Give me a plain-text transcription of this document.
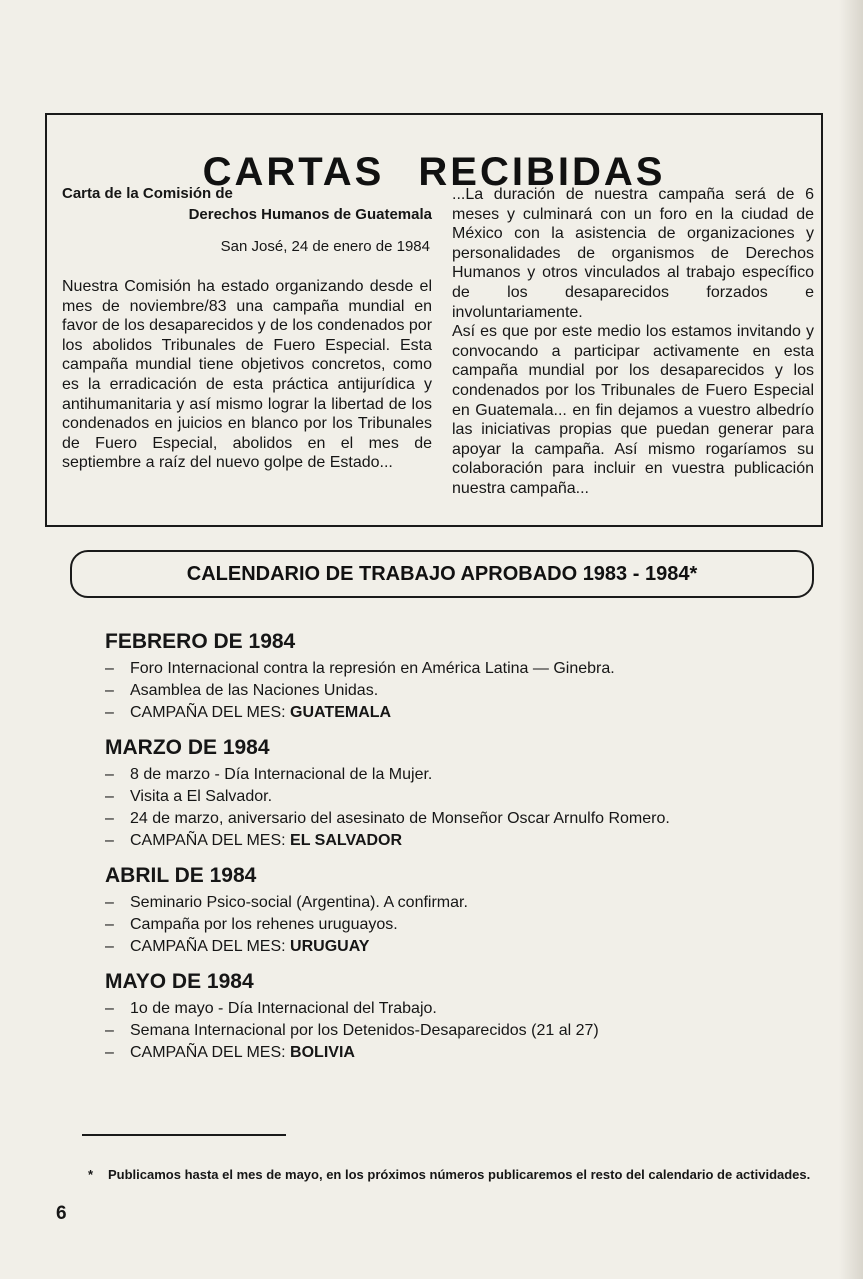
CARTAS RECIBIDAS

Carta de la Comisión de

Derechos Humanos de Guatemala

San José, 24 de enero de 1984

Nuestra Comisión ha estado organizando desde el mes de noviembre/83 una campaña mundial en favor de los desaparecidos y de los condenados por los abolidos Tribunales de Fuero Especial. Esta campaña mundial tiene objetivos concretos, como es la erradicación de esta práctica antijurídica y antihumanitaria y así mismo lograr la libertad de los condenados en juicios en blanco por los Tribunales de Fuero Especial, abolidos en el mes de septiembre a raíz del nuevo golpe de Estado...

...La duración de nuestra campaña será de 6 meses y culminará con un foro en la ciudad de México con la asistencia de organizaciones y personalidades de organismos de Derechos Humanos y otros vinculados al trabajo específico de los desaparecidos forzados e involuntariamente.

Así es que por este medio los estamos invitando y convocando a participar activamente en esta campaña mundial por los desaparecidos y los condenados por los Tribunales de Fuero Especial en Guatemala... en fin dejamos a vuestro albedrío las iniciativas propias que puedan generar para apoyar la campaña. Así mismo rogaríamos su colaboración para incluir en vuestra publicación nuestra campaña...

CALENDARIO DE TRABAJO APROBADO 1983 - 1984*
FEBRERO DE 1984
– Foro Internacional contra la represión en América Latina — Ginebra.
– Asamblea de las Naciones Unidas.
– CAMPAÑA DEL MES: GUATEMALA
MARZO DE 1984
– 8 de marzo - Día Internacional de la Mujer.
– Visita a El Salvador.
– 24 de marzo, aniversario del asesinato de Monseñor Oscar Arnulfo Romero.
– CAMPAÑA DEL MES: EL SALVADOR
ABRIL DE 1984
– Seminario Psico-social (Argentina). A confirmar.
– Campaña por los rehenes uruguayos.
– CAMPAÑA DEL MES: URUGUAY
MAYO DE 1984
– 1o de mayo - Día Internacional del Trabajo.
– Semana Internacional por los Detenidos-Desaparecidos (21 al 27)
– CAMPAÑA DEL MES: BOLIVIA

* Publicamos hasta el mes de mayo, en los próximos números publicaremos el resto del calendario de actividades.

6
